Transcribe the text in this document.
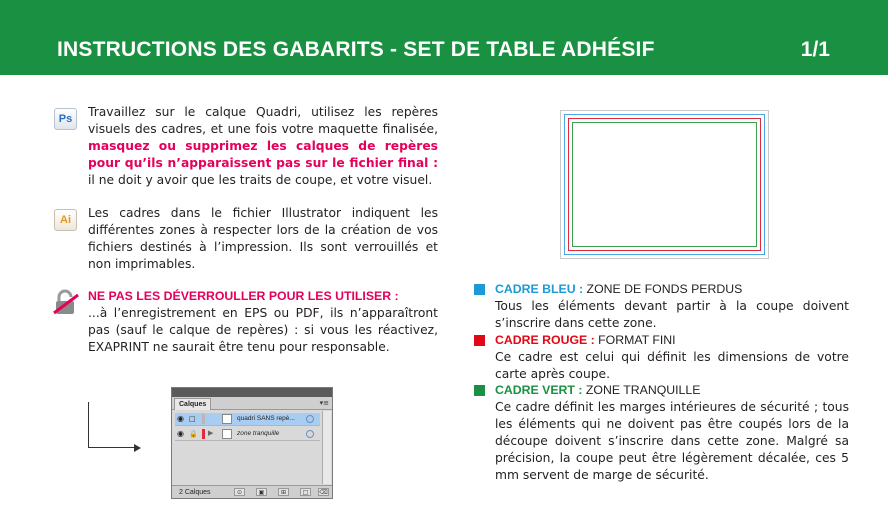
INSTRUCTIONS DES GABARITS - SET DE TABLE ADHÉSIF	1/1
Ps	Travaillez sur le calque Quadri, utilisez les repères visuels des cadres, et une fois votre maquette finalisée, masquez ou supprimez les calques de repères pour qu’ils n’apparaissent pas sur le fichier final : il ne doit y avoir que les traits de coupe, et votre visuel.
Ai	Les cadres dans le fichier Illustrator indiquent les différentes zones à respecter lors de la création de vos fichiers destinés à l’impression. Ils sont verrouillés et non imprimables.
NE PAS LES DÉVERROULLER POUR LES UTILISER :
...à l’enregistrement en EPS ou PDF, ils n’apparaîtront pas (sauf le calque de repères) : si vous les réactivez, EXAPRINT ne saurait être tenu pour responsable.
Calques	▾≡
◉ □	quadri SANS repè...
◉ 🔒 ▶	zone tranquille
2 Calques	⊙	▣	⊞	□	⌫
CADRE BLEU : ZONE DE FONDS PERDUS
Tous les éléments devant partir à la coupe doivent s’inscrire dans cette zone.
CADRE ROUGE : FORMAT FINI
Ce cadre est celui qui définit les dimensions de votre carte après coupe.
CADRE VERT : ZONE TRANQUILLE
Ce cadre définit les marges intérieures de sécurité ; tous les éléments qui ne doivent pas être coupés lors de la découpe doivent s’inscrire dans cette zone. Malgré sa précision, la coupe peut être légèrement décalée, ces 5 mm servent de marge de sécurité.
